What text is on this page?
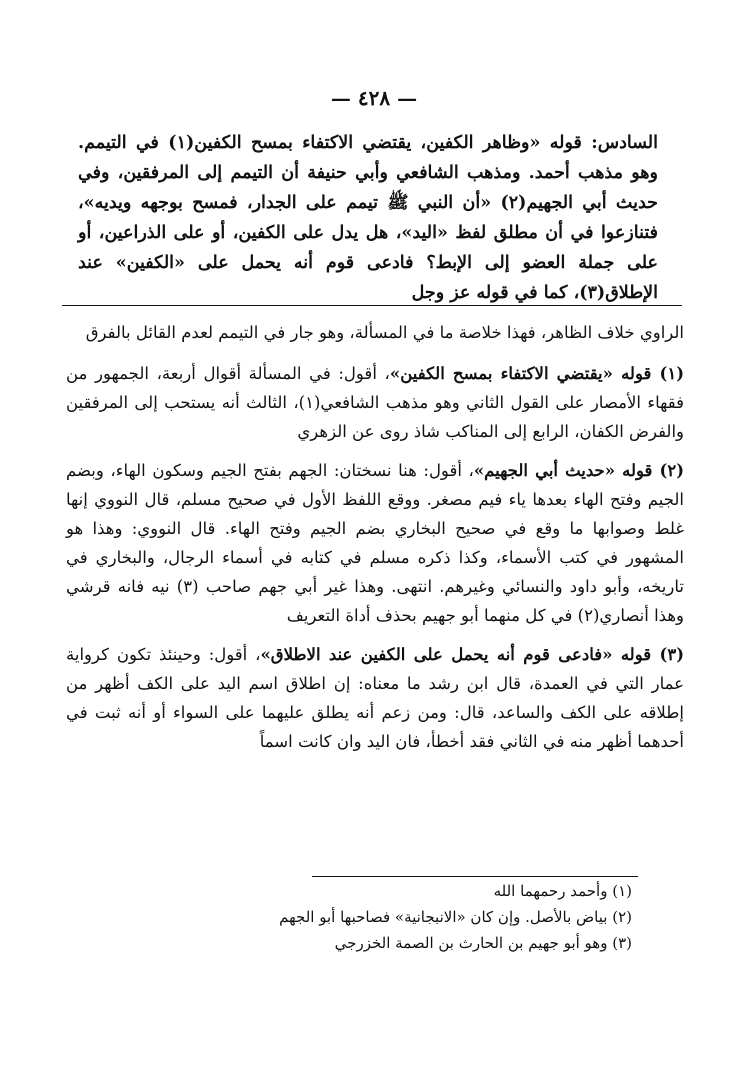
— ٤٢٨ —

السادس: قوله «وظاهر الكفين، يقتضي الاكتفاء بمسح الكفين(١) في التيمم. وهو مذهب أحمد. ومذهب الشافعي وأبي حنيفة أن التيمم إلى المرفقين، وفي حديث أبي الجهيم(٢) «أن النبي ﷺ تيمم على الجدار، فمسح بوجهه ويديه»، فتنازعوا في أن مطلق لفظ «اليد»، هل يدل على الكفين، أو على الذراعين، أو على جملة العضو إلى الإبط؟ فادعى قوم أنه يحمل على «الكفين» عند الإطلاق(٣)، كما في قوله عز وجل

الراوي خلاف الظاهر، فهذا خلاصة ما في المسألة، وهو جار في التيمم لعدم القائل بالفرق

(١) قوله «يقتضي الاكتفاء بمسح الكفين»، أقول: في المسألة أقوال أربعة، الجمهور من فقهاء الأمصار على القول الثاني وهو مذهب الشافعي(١)، الثالث أنه يستحب إلى المرفقين والفرض الكفان، الرابع إلى المناكب شاذ روى عن الزهري

(٢) قوله «حديث أبي الجهيم»، أقول: هنا نسختان: الجهم بفتح الجيم وسكون الهاء، وبضم الجيم وفتح الهاء بعدها ياء فيم مصغر. ووقع اللفظ الأول في صحيح مسلم، قال النووي إنها غلط وصوابها ما وقع في صحيح البخاري بضم الجيم وفتح الهاء. قال النووي: وهذا هو المشهور في كتب الأسماء، وكذا ذكره مسلم في كتابه في أسماء الرجال، والبخاري في تاريخه، وأبو داود والنسائي وغيرهم. انتهى. وهذا غير أبي جهم صاحب (٣) نيه فانه قرشي وهذا أنصاري(٢) في كل منهما أبو جهيم بحذف أداة التعريف

(٣) قوله «فادعى قوم أنه يحمل على الكفين عند الاطلاق»، أقول: وحينئذ تكون كرواية عمار التي في العمدة، قال ابن رشد ما معناه: إن اطلاق اسم اليد على الكف أظهر من إطلاقه على الكف والساعد، قال: ومن زعم أنه يطلق عليهما على السواء أو أنه ثبت في أحدهما أظهر منه في الثاني فقد أخطأ، فان اليد وان كانت اسماً

(١) وأحمد رحمهما الله
(٢) بياض بالأصل. وإن كان «الانبجانية» فصاحبها أبو الجهم
(٣) وهو أبو جهيم بن الحارث بن الصمة الخزرجي
